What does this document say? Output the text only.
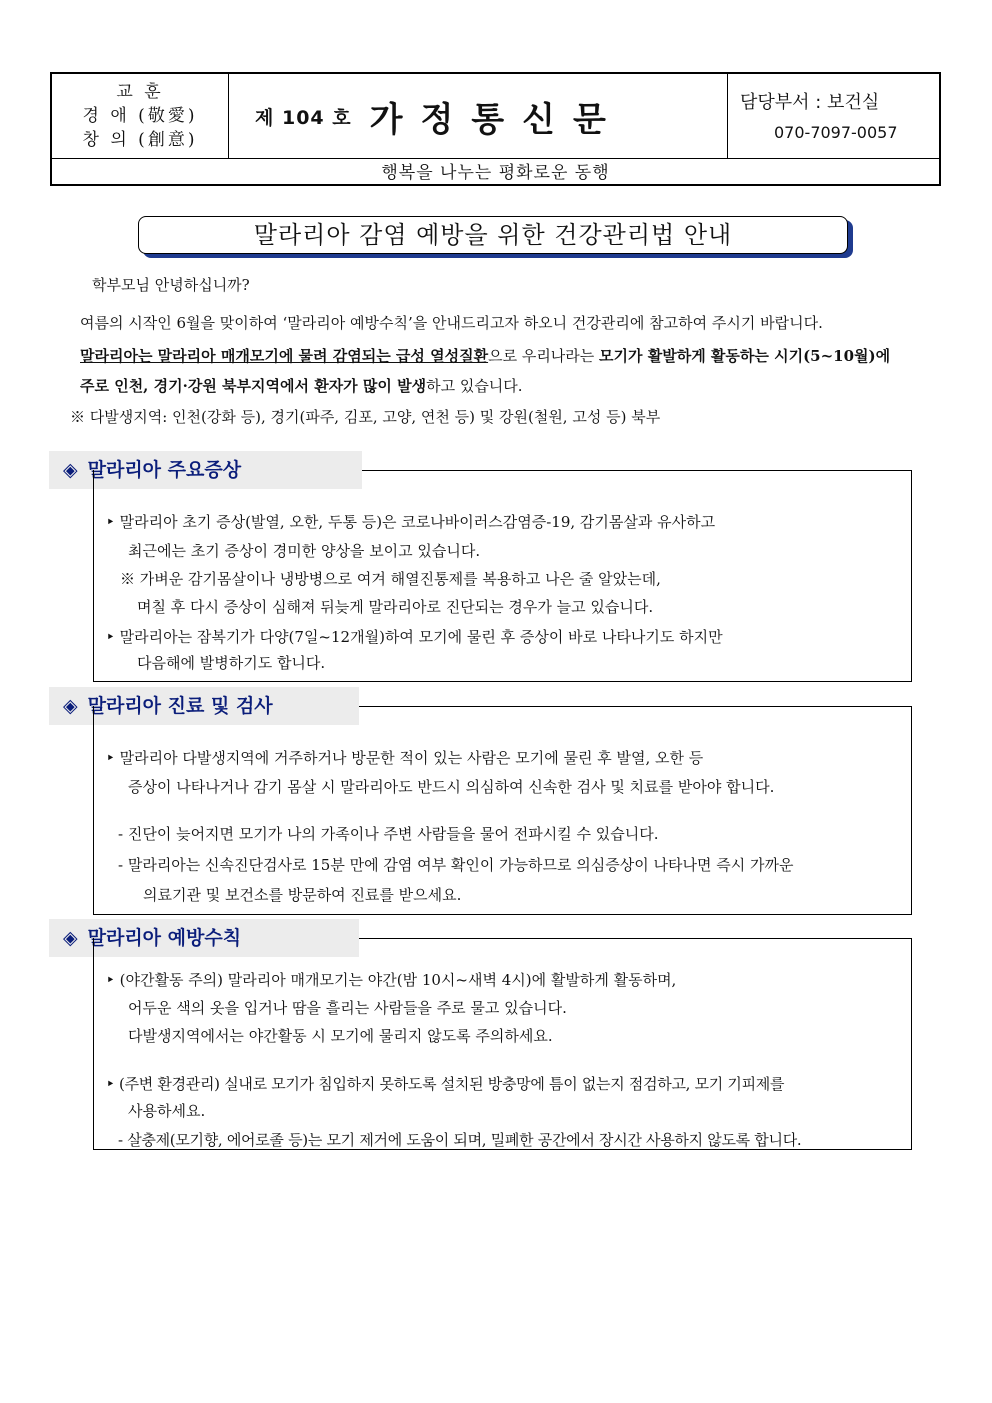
교 훈
경 애 (敬愛)
창 의 (創意)
제 104 호 가정통신문	담당부서 : 보건실
070-7097-0057
행복을 나누는 평화로운 동행
말라리아 감염 예방을 위한 건강관리법 안내
학부모님 안녕하십니까?
여름의 시작인 6월을 맞이하여 ‘말라리아 예방수칙’을 안내드리고자 하오니 건강관리에 참고하여 주시기 바랍니다.
말라리아는 말라리아 매개모기에 물려 감염되는 급성 열성질환으로 우리나라는 모기가 활발하게 활동하는 시기(5~10월)에
주로 인천, 경기·강원 북부지역에서 환자가 많이 발생하고 있습니다.
※ 다발생지역: 인천(강화 등), 경기(파주, 김포, 고양, 연천 등) 및 강원(철원, 고성 등) 북부
◈ 말라리아 주요증상
‣ 말라리아 초기 증상(발열, 오한, 두통 등)은 코로나바이러스감염증-19, 감기몸살과 유사하고
최근에는 초기 증상이 경미한 양상을 보이고 있습니다.
※ 가벼운 감기몸살이나 냉방병으로 여겨 해열진통제를 복용하고 나은 줄 알았는데,
며칠 후 다시 증상이 심해져 뒤늦게 말라리아로 진단되는 경우가 늘고 있습니다.
‣ 말라리아는 잠복기가 다양(7일~12개월)하여 모기에 물린 후 증상이 바로 나타나기도 하지만
다음해에 발병하기도 합니다.
◈ 말라리아 진료 및 검사
‣ 말라리아 다발생지역에 거주하거나 방문한 적이 있는 사람은 모기에 물린 후 발열, 오한 등
증상이 나타나거나 감기 몸살 시 말라리아도 반드시 의심하여 신속한 검사 및 치료를 받아야 합니다.
- 진단이 늦어지면 모기가 나의 가족이나 주변 사람들을 물어 전파시킬 수 있습니다.
- 말라리아는 신속진단검사로 15분 만에 감염 여부 확인이 가능하므로 의심증상이 나타나면 즉시 가까운
의료기관 및 보건소를 방문하여 진료를 받으세요.
◈ 말라리아 예방수칙
‣ (야간활동 주의) 말라리아 매개모기는 야간(밤 10시~새벽 4시)에 활발하게 활동하며,
어두운 색의 옷을 입거나 땀을 흘리는 사람들을 주로 물고 있습니다.
다발생지역에서는 야간활동 시 모기에 물리지 않도록 주의하세요.
‣ (주변 환경관리) 실내로 모기가 침입하지 못하도록 설치된 방충망에 틈이 없는지 점검하고, 모기 기피제를
사용하세요.
- 살충제(모기향, 에어로졸 등)는 모기 제거에 도움이 되며, 밀폐한 공간에서 장시간 사용하지 않도록 합니다.
